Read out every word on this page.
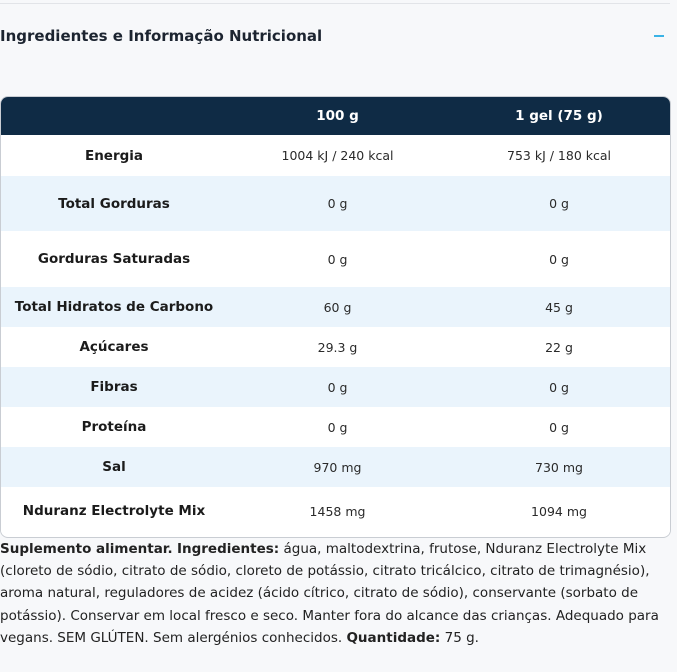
Ingredientes e Informação Nutricional
	100 g	1 gel (75 g)
Energia	1004 kJ / 240 kcal	753 kJ / 180 kcal
Total Gorduras	0 g	0 g
Gorduras Saturadas	0 g	0 g
Total Hidratos de Carbono	60 g	45 g
Açúcares	29.3 g	22 g
Fibras	0 g	0 g
Proteína	0 g	0 g
Sal	970 mg	730 mg
Nduranz Electrolyte Mix	1458 mg	1094 mg
Suplemento alimentar. Ingredientes: água, maltodextrina, frutose, Nduranz Electrolyte Mix (cloreto de sódio, citrato de sódio, cloreto de potássio, citrato tricálcico, citrato de trimagnésio), aroma natural, reguladores de acidez (ácido cítrico, citrato de sódio), conservante (sorbato de potássio). Conservar em local fresco e seco. Manter fora do alcance das crianças. Adequado para vegans. SEM GLÚTEN. Sem alergénios conhecidos. Quantidade: 75 g.
